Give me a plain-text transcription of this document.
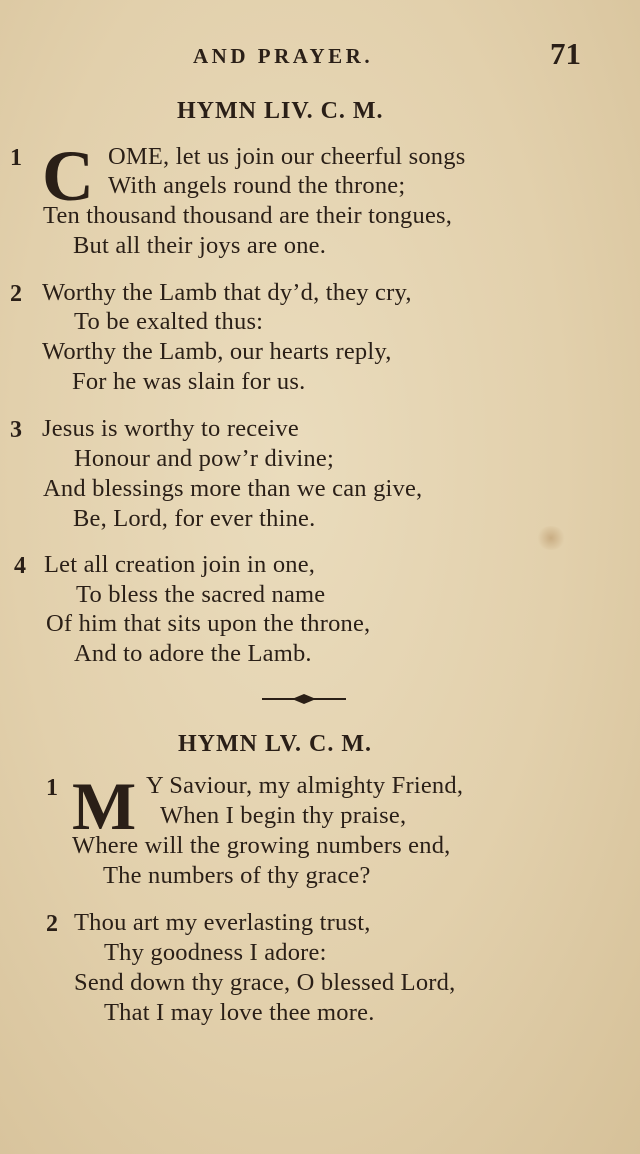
AND PRAYER.	71
HYMN LIV. C. M.
1 C OME, let us join our cheerful songs
With angels round the throne;
Ten thousand thousand are their tongues,
But all their joys are one.
2 Worthy the Lamb that dy’d, they cry,
To be exalted thus:
Worthy the Lamb, our hearts reply,
For he was slain for us.
3 Jesus is worthy to receive
Honour and pow’r divine;
And blessings more than we can give,
Be, Lord, for ever thine.
4 Let all creation join in one,
To bless the sacred name
Of him that sits upon the throne,
And to adore the Lamb.
HYMN LV. C. M.
1 M Y Saviour, my almighty Friend,
When I begin thy praise,
Where will the growing numbers end,
The numbers of thy grace?
2 Thou art my everlasting trust,
Thy goodness I adore:
Send down thy grace, O blessed Lord,
That I may love thee more.
